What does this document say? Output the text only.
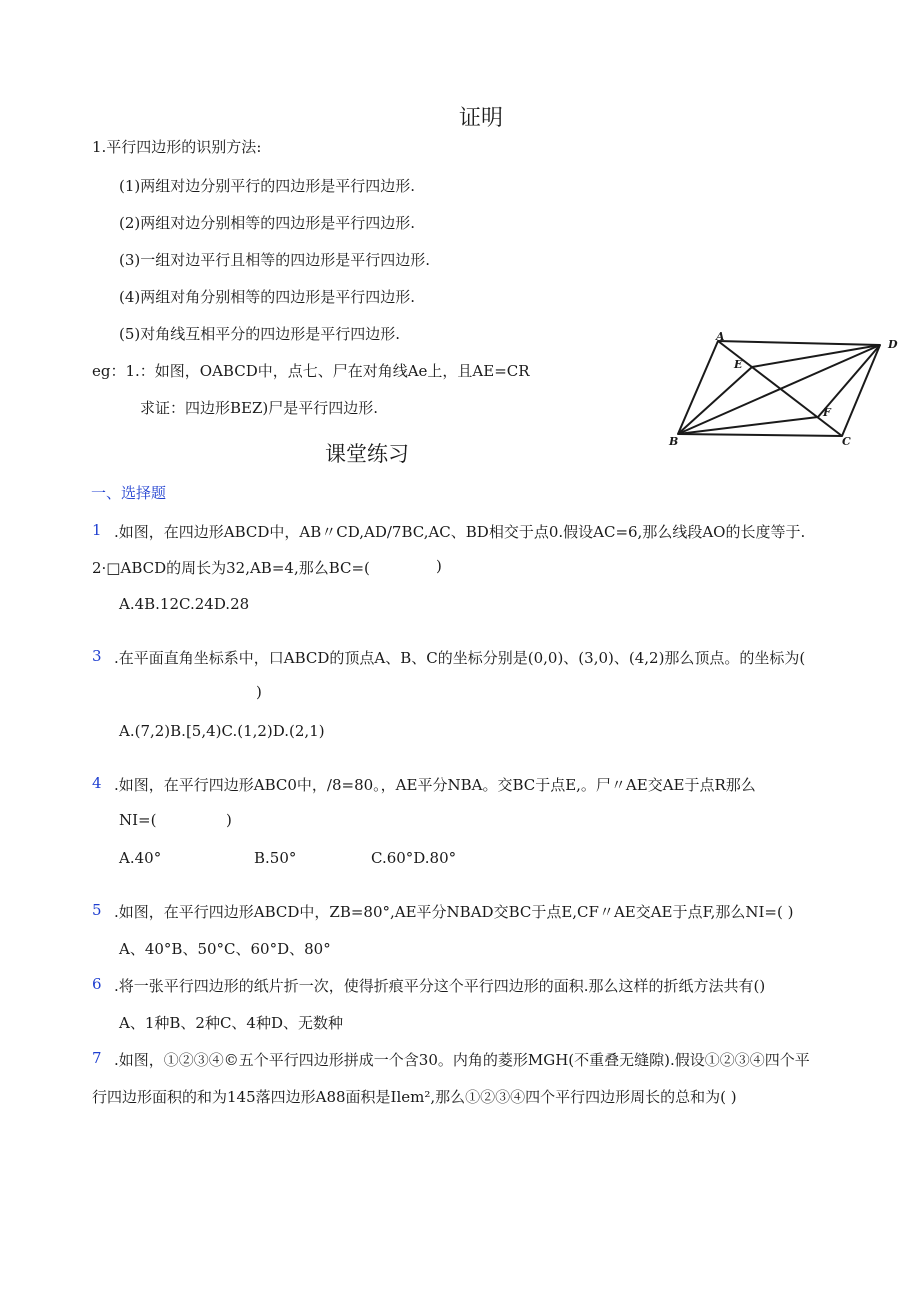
证明
1.平行四边形的识别方法:
(1)两组对边分别平行的四边形是平行四边形.
(2)两组对边分别相等的四边形是平行四边形.
(3)一组对边平行且相等的四边形是平行四边形.
(4)两组对角分别相等的四边形是平行四边形.
(5)对角线互相平分的四边形是平行四边形.
eg：1.：如图，OABCD中，点七、尸在对角线Ae上，且AE=CR
求证：四边形BEZ)尸是平行四边形.
A
D
E
F
B	C
课堂练习
一、选择题
1 .如图，在四边形ABCD中，AB〃CD,AD/7BC,AC、BD相交于点0.假设AC=6,那么线段AO的长度等于.
2·□ABCD的周长为32,AB=4,那么BC=(	)
A.4B.12C.24D.28
3 .在平面直角坐标系中，口ABCD的顶点A、B、C的坐标分别是(0,0)、(3,0)、(4,2)那么顶点。的坐标为(
)
A.(7,2)B.[5,4)C.(1,2)D.(2,1)
4 .如图，在平行四边形ABC0中，/8=80。，AE平分NBA。交BC于点E,。尸〃AE交AE于点R那么
NI=(	)
A.40°	B.50°	C.60°D.80°
5 .如图，在平行四边形ABCD中，ZB=80°,AE平分NBAD交BC于点E,CF〃AE交AE于点F,那么NI=( )
A、40°B、50°C、60°D、80°
6 .将一张平行四边形的纸片折一次，使得折痕平分这个平行四边形的面积.那么这样的折纸方法共有()
A、1种B、2种C、4种D、无数种
7 .如图，①②③④©五个平行四边形拼成一个含30。内角的菱形MGH(不重叠无缝隙).假设①②③④四个平
行四边形面积的和为145落四边形A88面积是Ilem²,那么①②③④四个平行四边形周长的总和为( )
